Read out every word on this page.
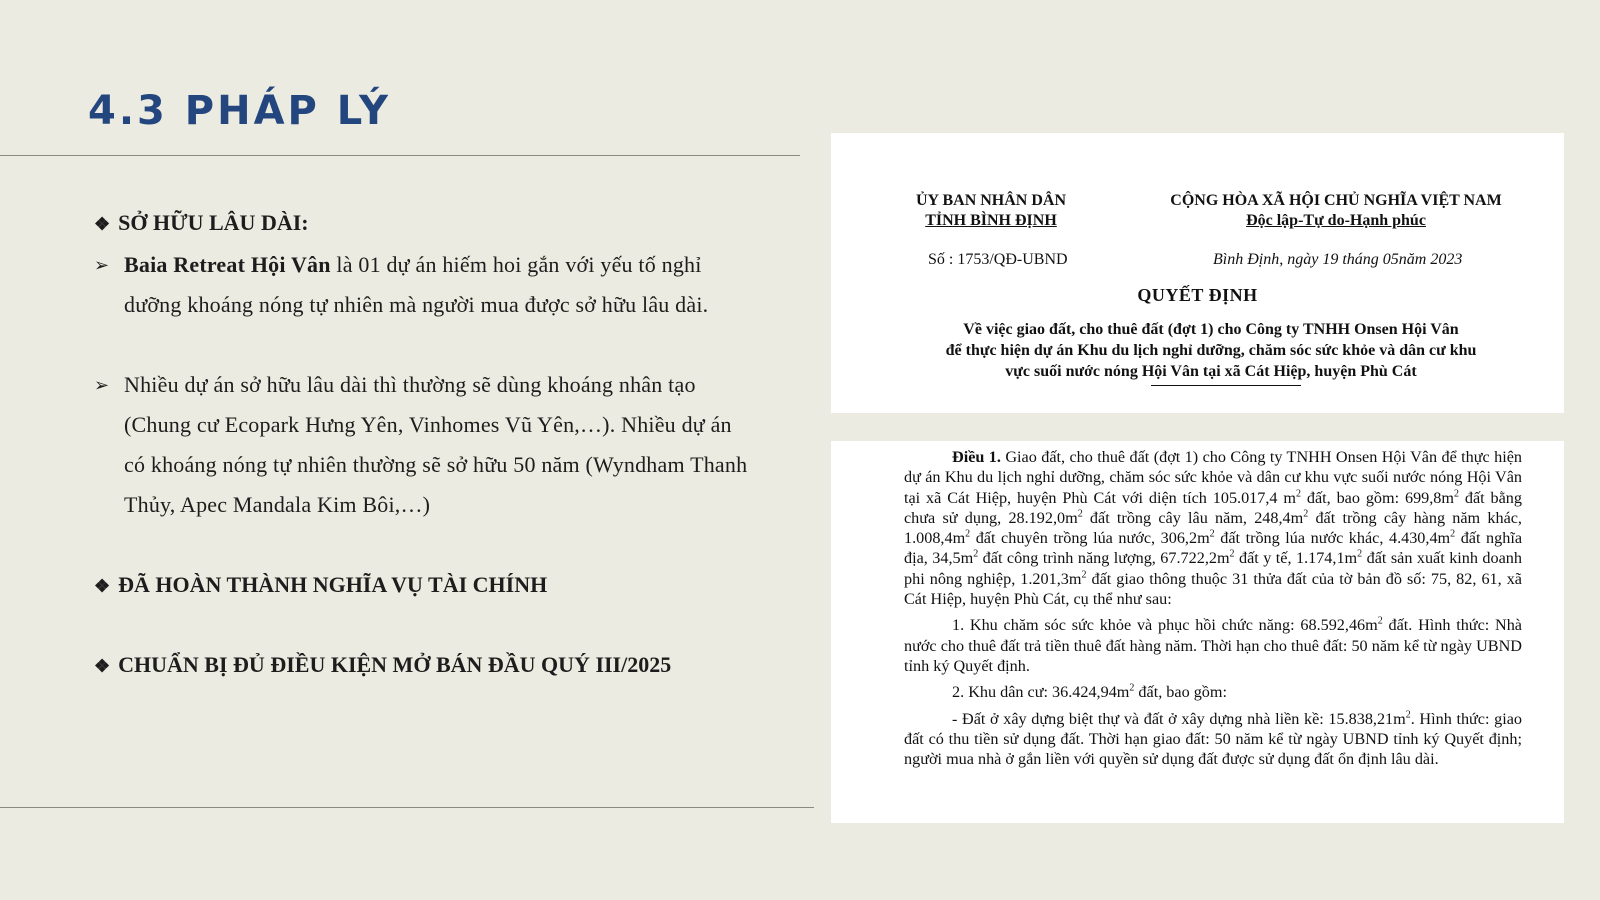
4.3 PHÁP LÝ
❖ SỞ HỮU LÂU DÀI:
➢ Baia Retreat Hội Vân là 01 dự án hiếm hoi gắn với yếu tố nghỉ dưỡng khoáng nóng tự nhiên mà người mua được sở hữu lâu dài.
➢ Nhiều dự án sở hữu lâu dài thì thường sẽ dùng khoáng nhân tạo (Chung cư Ecopark Hưng Yên, Vinhomes Vũ Yên,…). Nhiều dự án có khoáng nóng tự nhiên thường sẽ sở hữu 50 năm (Wyndham Thanh Thủy, Apec Mandala Kim Bôi,…)
❖ ĐÃ HOÀN THÀNH NGHĨA VỤ TÀI CHÍNH
❖ CHUẨN BỊ ĐỦ ĐIỀU KIỆN MỞ BÁN ĐẦU QUÝ III/2025
ỦY BAN NHÂN DÂN
TỈNH BÌNH ĐỊNH
CỘNG HÒA XÃ HỘI CHỦ NGHĨA VIỆT NAM
Độc lập-Tự do-Hạnh phúc
Số : 1753/QĐ-UBND	Bình Định, ngày 19 tháng 05năm 2023
QUYẾT ĐỊNH
Về việc giao đất, cho thuê đất (đợt 1) cho Công ty TNHH Onsen Hội Vân
để thực hiện dự án Khu du lịch nghỉ dưỡng, chăm sóc sức khỏe và dân cư khu
vực suối nước nóng Hội Vân tại xã Cát Hiệp, huyện Phù Cát

Điều 1. Giao đất, cho thuê đất (đợt 1) cho Công ty TNHH Onsen Hội Vân để thực hiện dự án Khu du lịch nghỉ dưỡng, chăm sóc sức khỏe và dân cư khu vực suối nước nóng Hội Vân tại xã Cát Hiệp, huyện Phù Cát với diện tích 105.017,4 $m^2$ đất, bao gồm: $699,8m^2$ đất bằng chưa sử dụng, $28.192,0m^2$ đất trồng cây lâu năm, $248,4m^2$ đất trồng cây hàng năm khác, $1.008,4m^2$ đất chuyên trồng lúa nước, $306,2m^2$ đất trồng lúa nước khác, $4.430,4m^2$ đất nghĩa địa, $34,5m^2$ đất công trình năng lượng, $67.722,2m^2$ đất y tế, $1.174,1m^2$ đất sản xuất kinh doanh phi nông nghiệp, $1.201,3m^2$ đất giao thông thuộc 31 thửa đất của tờ bản đồ số: 75, 82, 61, xã Cát Hiệp, huyện Phù Cát, cụ thể như sau:

1. Khu chăm sóc sức khỏe và phục hồi chức năng: $68.592,46m^2$ đất. Hình thức: Nhà nước cho thuê đất trả tiền thuê đất hàng năm. Thời hạn cho thuê đất: 50 năm kể từ ngày UBND tỉnh ký Quyết định.

2. Khu dân cư: $36.424,94m^2$ đất, bao gồm:

- Đất ở xây dựng biệt thự và đất ở xây dựng nhà liền kề: $15.838,21m^2$. Hình thức: giao đất có thu tiền sử dụng đất. Thời hạn giao đất: 50 năm kể từ ngày UBND tỉnh ký Quyết định; người mua nhà ở gắn liền với quyền sử dụng đất được sử dụng đất ổn định lâu dài.
